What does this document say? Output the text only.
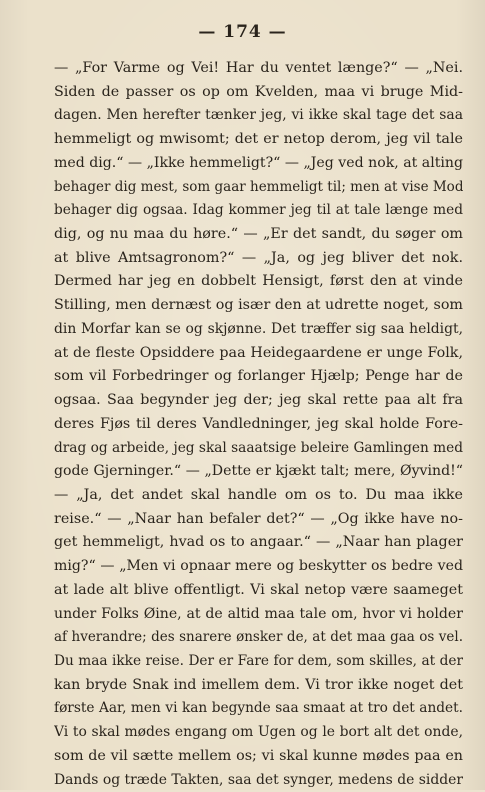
— 174 —
— „For Varme og Vei! Har du ventet længe?“ — „Nei.
Siden de passer os op om Kvelden, maa vi bruge Mid-
dagen. Men herefter tænker jeg, vi ikke skal tage det saa
hemmeligt og mwisomt; det er netop derom, jeg vil tale
med dig.“ — „Ikke hemmeligt?“ — „Jeg ved nok, at alting
behager dig mest, som gaar hemmeligt til; men at vise Mod
behager dig ogsaa. Idag kommer jeg til at tale længe med
dig, og nu maa du høre.“ — „Er det sandt, du søger om
at blive Amtsagronom?“ — „Ja, og jeg bliver det nok.
Dermed har jeg en dobbelt Hensigt, først den at vinde
Stilling, men dernæst og især den at udrette noget, som
din Morfar kan se og skjønne. Det træffer sig saa heldigt,
at de fleste Opsiddere paa Heidegaardene er unge Folk,
som vil Forbedringer og forlanger Hjælp; Penge har de
ogsaa. Saa begynder jeg der; jeg skal rette paa alt fra
deres Fjøs til deres Vandledninger, jeg skal holde Fore-
drag og arbeide, jeg skal saaatsige beleire Gamlingen med
gode Gjerninger.“ — „Dette er kjækt talt; mere, Øyvind!“
— „Ja, det andet skal handle om os to. Du maa ikke
reise.“ — „Naar han befaler det?“ — „Og ikke have no-
get hemmeligt, hvad os to angaar.“ — „Naar han plager
mig?“ — „Men vi opnaar mere og beskytter os bedre ved
at lade alt blive offentligt. Vi skal netop være saameget
under Folks Øine, at de altid maa tale om, hvor vi holder
af hverandre; des snarere ønsker de, at det maa gaa os vel.
Du maa ikke reise. Der er Fare for dem, som skilles, at der
kan bryde Snak ind imellem dem. Vi tror ikke noget det
første Aar, men vi kan begynde saa smaat at tro det andet.
Vi to skal mødes engang om Ugen og le bort alt det onde,
som de vil sætte mellem os; vi skal kunne mødes paa en
Dands og træde Takten, saa det synger, medens de sidder
